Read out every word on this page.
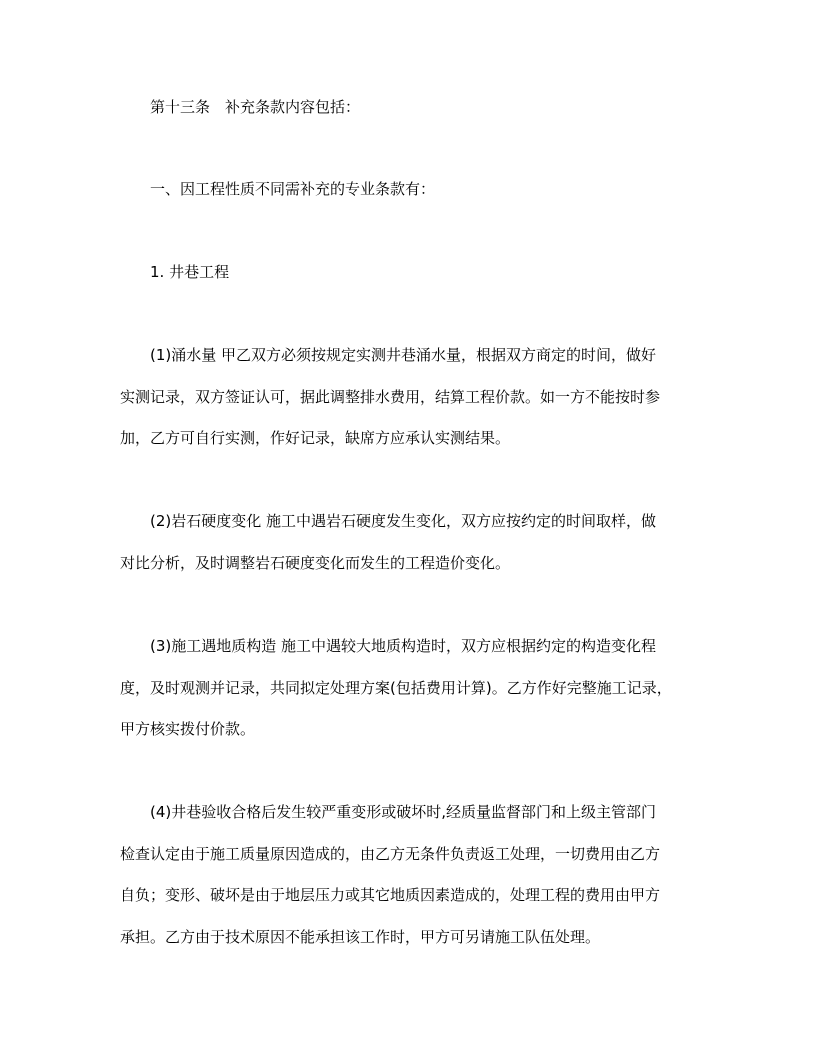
第十三条　补充条款内容包括：

一、因工程性质不同需补充的专业条款有：

1. 井巷工程

(1)涌水量 甲乙双方必须按规定实测井巷涌水量，根据双方商定的时间，做好

实测记录，双方签证认可，据此调整排水费用，结算工程价款。如一方不能按时参

加，乙方可自行实测，作好记录，缺席方应承认实测结果。

(2)岩石硬度变化 施工中遇岩石硬度发生变化，双方应按约定的时间取样，做

对比分析，及时调整岩石硬度变化而发生的工程造价变化。

(3)施工遇地质构造 施工中遇较大地质构造时，双方应根据约定的构造变化程

度，及时观测并记录，共同拟定处理方案(包括费用计算)。乙方作好完整施工记录，

甲方核实拨付价款。

(4)井巷验收合格后发生较严重变形或破坏时,经质量监督部门和上级主管部门

检查认定由于施工质量原因造成的，由乙方无条件负责返工处理，一切费用由乙方

自负；变形、破坏是由于地层压力或其它地质因素造成的，处理工程的费用由甲方

承担。乙方由于技术原因不能承担该工作时，甲方可另请施工队伍处理。
